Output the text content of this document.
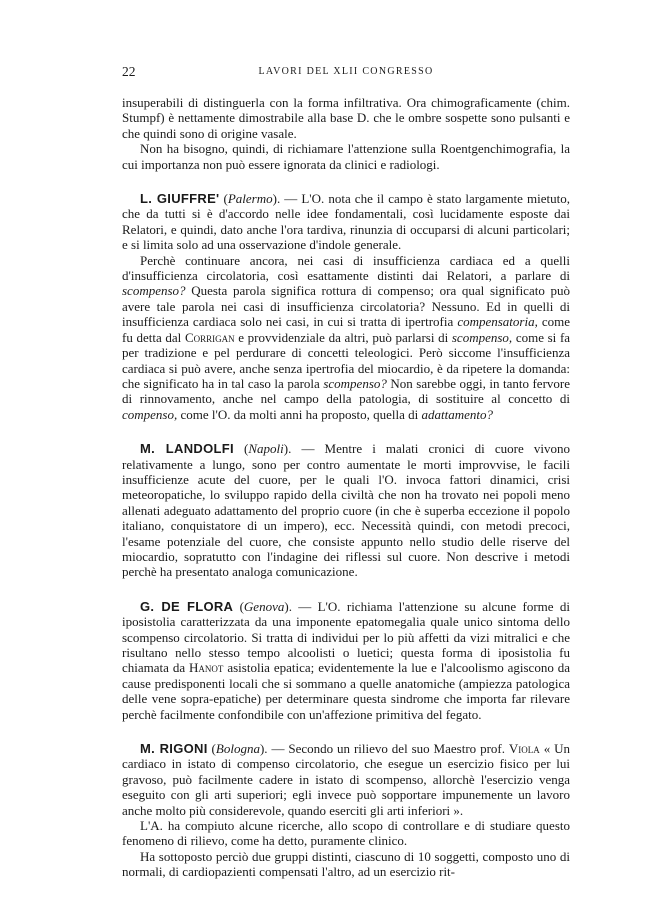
22	LAVORI DEL XLII CONGRESSO

insuperabili di distinguerla con la forma infiltrativa. Ora chimograficamente (chim. Stumpf) è nettamente dimostrabile alla base D. che le ombre sospette sono pulsanti e che quindi sono di origine vasale.

Non ha bisogno, quindi, di richiamare l'attenzione sulla Roentgenchimografia, la cui importanza non può essere ignorata da clinici e radiologi.

L. GIUFFRE' (Palermo). — L'O. nota che il campo è stato largamente mietuto, che da tutti si è d'accordo nelle idee fondamentali, così lucidamente esposte dai Relatori, e quindi, dato anche l'ora tardiva, rinunzia di occuparsi di alcuni particolari; e si limita solo ad una osservazione d'indole generale.

Perchè continuare ancora, nei casi di insufficienza cardiaca ed a quelli d'insufficienza circolatoria, così esattamente distinti dai Relatori, a parlare di scompenso? Questa parola significa rottura di compenso; ora qual significato può avere tale parola nei casi di insufficienza circolatoria? Nessuno. Ed in quelli di insufficienza cardiaca solo nei casi, in cui si tratta di ipertrofia compensatoria, come fu detta dal Corrigan e provvidenziale da altri, può parlarsi di scompenso, come si fa per tradizione e pel perdurare di concetti teleologici. Però siccome l'insufficienza cardiaca si può avere, anche senza ipertrofia del miocardio, è da ripetere la domanda: che significato ha in tal caso la parola scompenso? Non sarebbe oggi, in tanto fervore di rinnovamento, anche nel campo della patologia, di sostituire al concetto di compenso, come l'O. da molti anni ha proposto, quella di adattamento?

M. LANDOLFI (Napoli). — Mentre i malati cronici di cuore vivono relativamente a lungo, sono per contro aumentate le morti improvvise, le facili insufficienze acute del cuore, per le quali l'O. invoca fattori dinamici, crisi meteoropatiche, lo sviluppo rapido della civiltà che non ha trovato nei popoli meno allenati adeguato adattamento del proprio cuore (in che è superba eccezione il popolo italiano, conquistatore di un impero), ecc. Necessità quindi, con metodi precoci, l'esame potenziale del cuore, che consiste appunto nello studio delle riserve del miocardio, sopratutto con l'indagine dei riflessi sul cuore. Non descrive i metodi perchè ha presentato analoga comunicazione.

G. DE FLORA (Genova). — L'O. richiama l'attenzione su alcune forme di iposistolia caratterizzata da una imponente epatomegalia quale unico sintoma dello scompenso circolatorio. Si tratta di individui per lo più affetti da vizi mitralici e che risultano nello stesso tempo alcoolisti o luetici; questa forma di iposistolia fu chiamata da Hanot asistolia epatica; evidentemente la lue e l'alcoolismo agiscono da cause predisponenti locali che si sommano a quelle anatomiche (ampiezza patologica delle vene sopra-epatiche) per determinare questa sindrome che importa far rilevare perchè facilmente confondibile con un'affezione primitiva del fegato.

M. RIGONI (Bologna). — Secondo un rilievo del suo Maestro prof. Viola « Un cardiaco in istato di compenso circolatorio, che esegue un esercizio fisico per lui gravoso, può facilmente cadere in istato di scompenso, allorchè l'esercizio venga eseguito con gli arti superiori; egli invece può sopportare impunemente un lavoro anche molto più considerevole, quando eserciti gli arti inferiori ».

L'A. ha compiuto alcune ricerche, allo scopo di controllare e di studiare questo fenomeno di rilievo, come ha detto, puramente clinico.

Ha sottoposto perciò due gruppi distinti, ciascuno di 10 soggetti, composto uno di normali, di cardiopazienti compensati l'altro, ad un esercizio rit-
